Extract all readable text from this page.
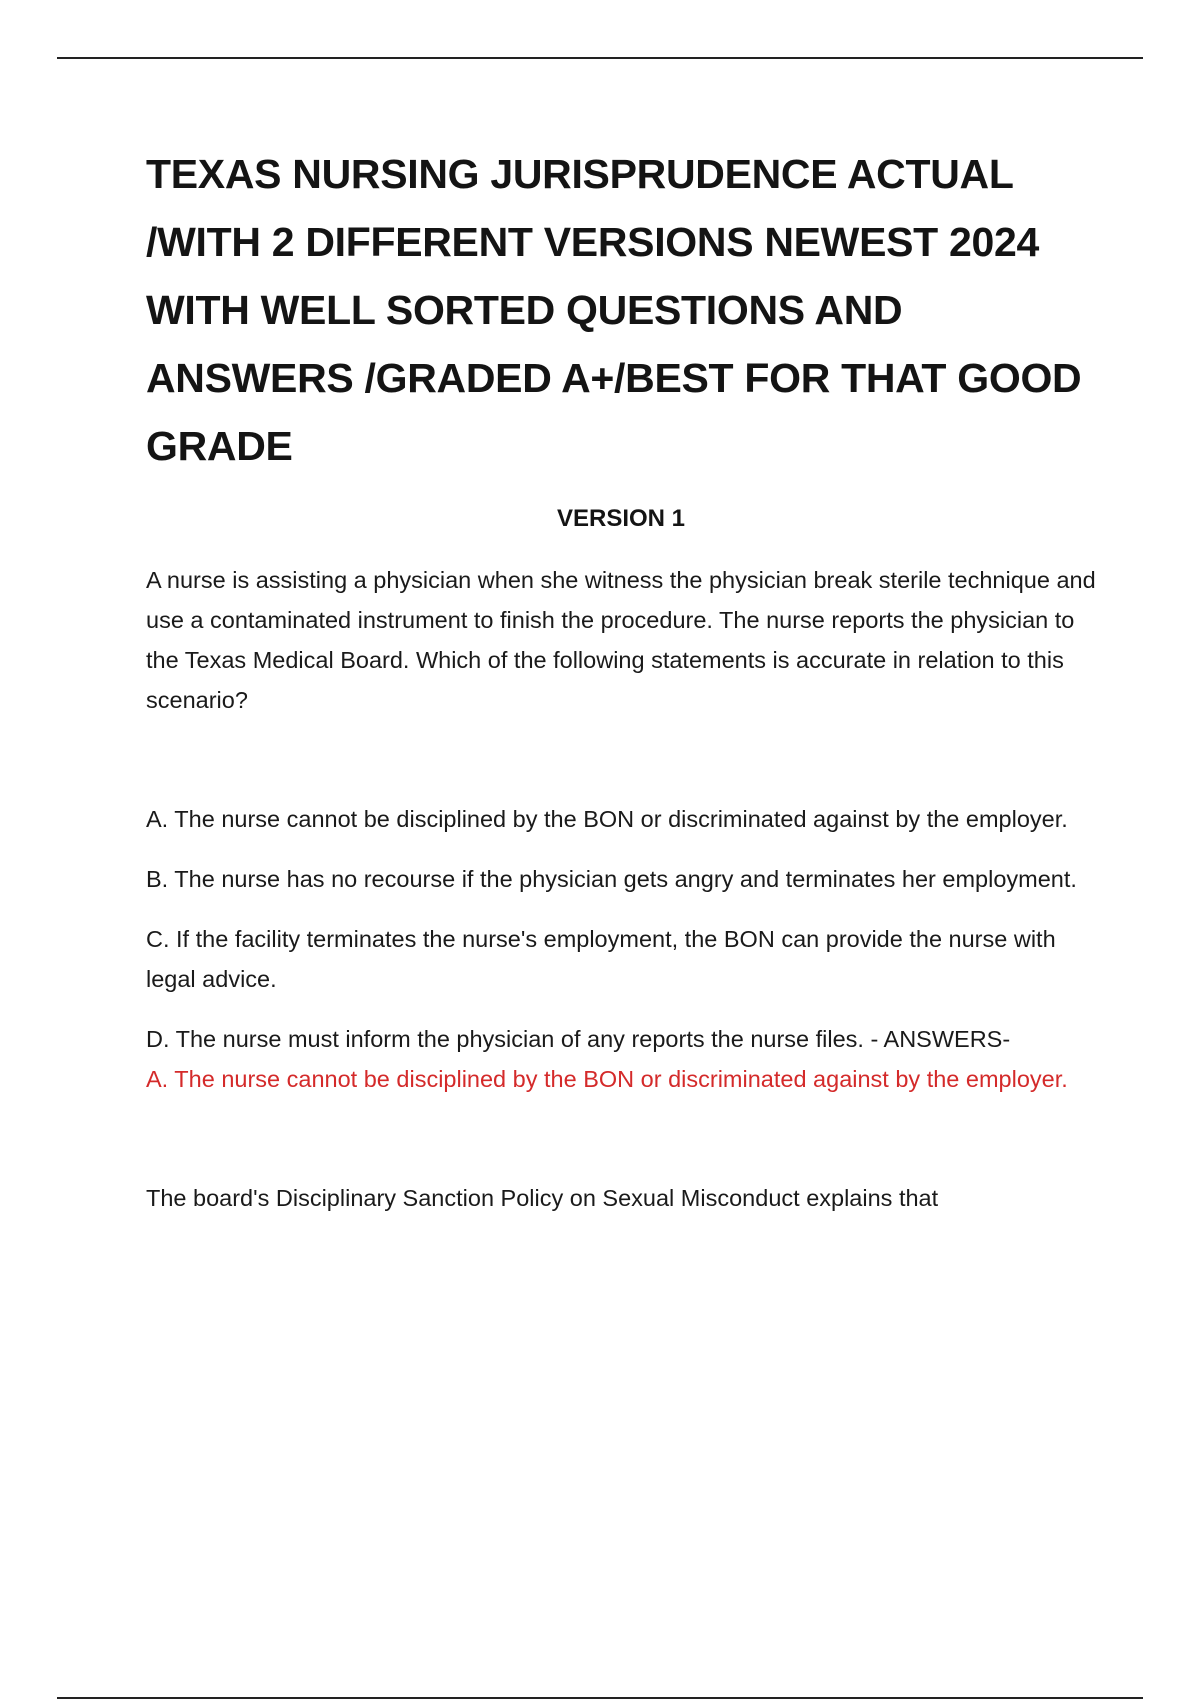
TEXAS NURSING JURISPRUDENCE ACTUAL /WITH 2 DIFFERENT VERSIONS NEWEST 2024 WITH WELL SORTED QUESTIONS AND ANSWERS /GRADED A+/BEST FOR THAT GOOD GRADE
VERSION 1

A nurse is assisting a physician when she witness the physician break sterile technique and use a contaminated instrument to finish the procedure. The nurse reports the physician to the Texas Medical Board. Which of the following statements is accurate in relation to this scenario?

A. The nurse cannot be disciplined by the BON or discriminated against by the employer.

B. The nurse has no recourse if the physician gets angry and terminates her employment.

C. If the facility terminates the nurse's employment, the BON can provide the nurse with legal advice.

D. The nurse must inform the physician of any reports the nurse files. - ANSWERS-
A. The nurse cannot be disciplined by the BON or discriminated against by the employer.

The board's Disciplinary Sanction Policy on Sexual Misconduct explains that
